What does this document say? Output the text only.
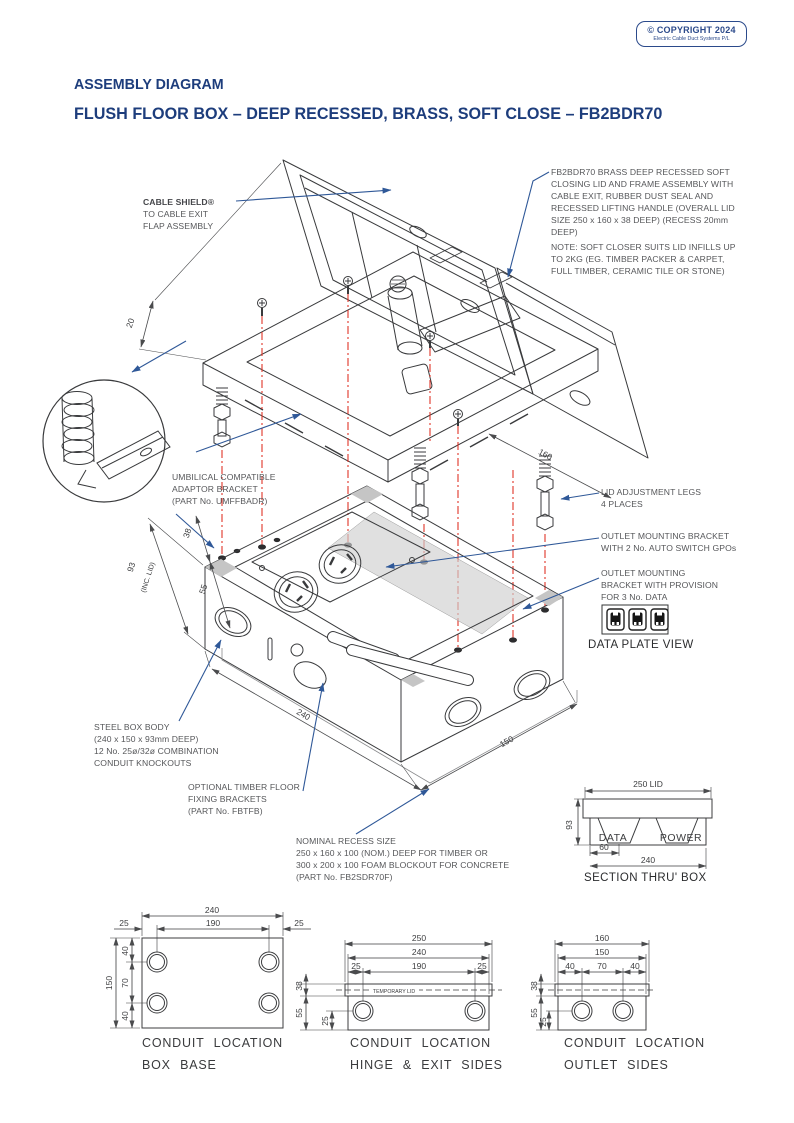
20
160
93 (INC. LID)
38
55
240
150
250 LID
93
60
240
DATA	POWER
240
190
25	25
150
40
70
40
250
240
25	190	25
38
55
25
TEMPORARY LID
160
150
40	70	40
38
55
25
© COPYRIGHT 2024
Electric Cable Duct Systems P/L
ASSEMBLY DIAGRAM
FLUSH FLOOR BOX – DEEP RECESSED, BRASS, SOFT CLOSE – FB2BDR70
CABLE SHIELD®
TO CABLE EXIT
FLAP ASSEMBLY
FB2BDR70 BRASS DEEP RECESSED SOFT
CLOSING LID AND FRAME ASSEMBLY WITH
CABLE EXIT, RUBBER DUST SEAL AND
RECESSED LIFTING HANDLE (OVERALL LID
SIZE 250 x 160 x 38 DEEP) (RECESS 20mm
DEEP)
NOTE: SOFT CLOSER SUITS LID INFILLS UP
TO 2KG (EG. TIMBER PACKER & CARPET,
FULL TIMBER, CERAMIC TILE OR STONE)
UMBILICAL COMPATIBLE
ADAPTOR BRACKET
(PART No. UMFFBADR)
LID ADJUSTMENT LEGS
4 PLACES
OUTLET MOUNTING BRACKET
WITH 2 No. AUTO SWITCH GPOs
OUTLET MOUNTING
BRACKET WITH PROVISION
FOR 3 No. DATA
STEEL BOX BODY
(240 x 150 x 93mm DEEP)
12 No. 25ø/32ø COMBINATION
CONDUIT KNOCKOUTS
OPTIONAL TIMBER FLOOR
FIXING BRACKETS
(PART No. FBTFB)
NOMINAL RECESS SIZE
250 x 160 x 100 (NOM.) DEEP FOR TIMBER OR
300 x 200 x 100 FOAM BLOCKOUT FOR CONCRETE
(PART No. FB2SDR70F)
DATA PLATE VIEW
SECTION THRU' BOX
CONDUIT LOCATION
BOX BASE
CONDUIT LOCATION
HINGE & EXIT SIDES
CONDUIT LOCATION
OUTLET SIDES
